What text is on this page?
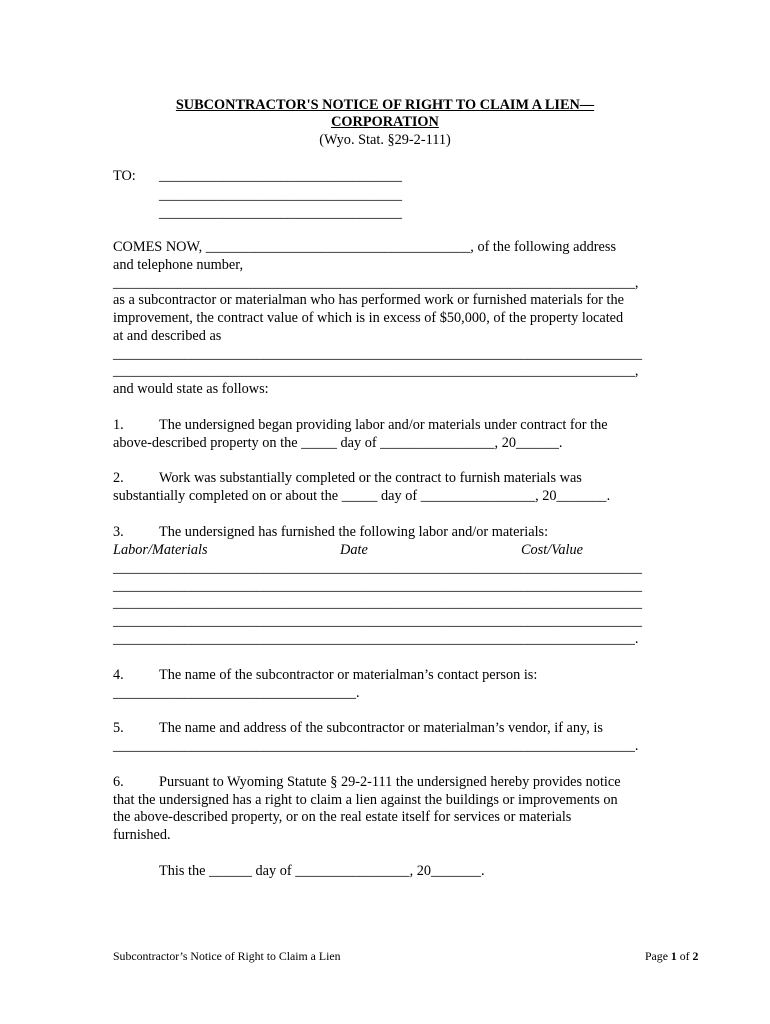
SUBCONTRACTOR'S NOTICE OF RIGHT TO CLAIM A LIEN—
CORPORATION
(Wyo. Stat. §29-2-111)
TO: __________________________________
__________________________________
__________________________________
COMES NOW, _____________________________________, of the following address
and telephone number,
_________________________________________________________________________,
as a subcontractor or materialman who has performed work or furnished materials for the
improvement, the contract value of which is in excess of $50,000, of the property located
at and described as
__________________________________________________________________________
_________________________________________________________________________,
and would state as follows:
1. The undersigned began providing labor and/or materials under contract for the
above-described property on the _____ day of ________________, 20______.
2. Work was substantially completed or the contract to furnish materials was
substantially completed on or about the _____ day of ________________, 20_______.
3. The undersigned has furnished the following labor and/or materials:
Labor/Materials	Date	Cost/Value
__________________________________________________________________________
__________________________________________________________________________
__________________________________________________________________________
__________________________________________________________________________
_________________________________________________________________________.
4. The name of the subcontractor or materialman’s contact person is:
__________________________________.
5. The name and address of the subcontractor or materialman’s vendor, if any, is
_________________________________________________________________________.
6. Pursuant to Wyoming Statute § 29-2-111 the undersigned hereby provides notice
that the undersigned has a right to claim a lien against the buildings or improvements on
the above-described property, or on the real estate itself for services or materials
furnished.
This the ______ day of ________________, 20_______.
Subcontractor’s Notice of Right to Claim a Lien	Page 1 of 2
